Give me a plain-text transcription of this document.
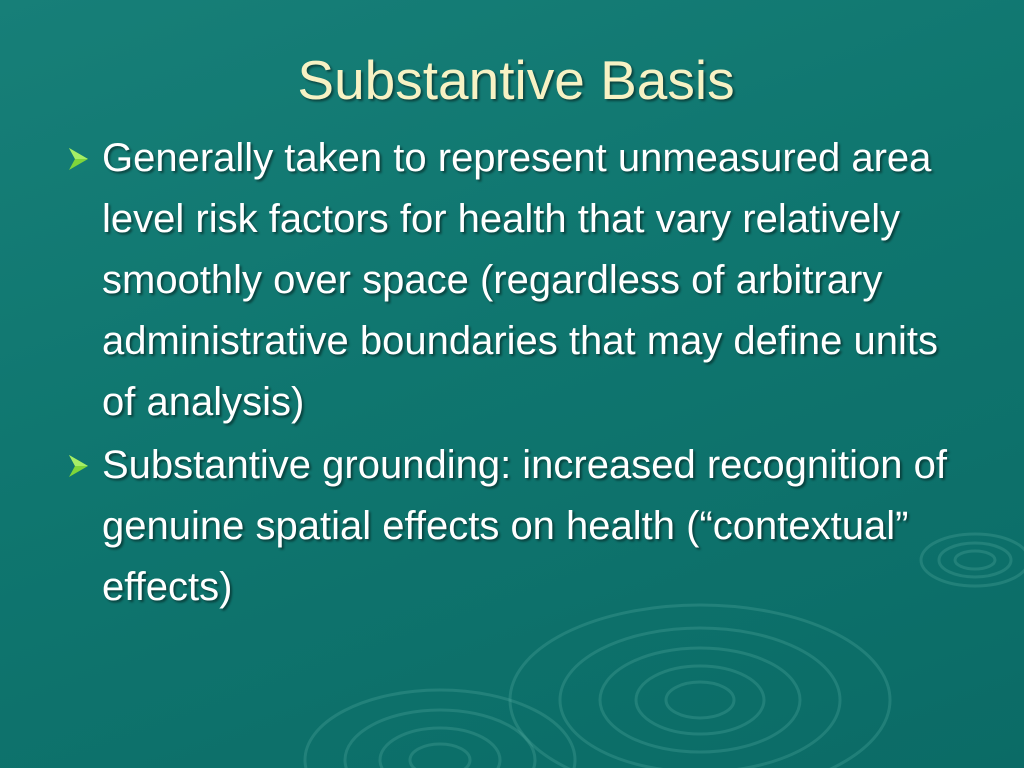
Substantive Basis
Generally taken to represent unmeasured area level risk factors for health that vary relatively smoothly over space (regardless of arbitrary administrative boundaries that may define units of analysis)
Substantive grounding: increased recognition of genuine spatial effects on health (“contextual” effects)
